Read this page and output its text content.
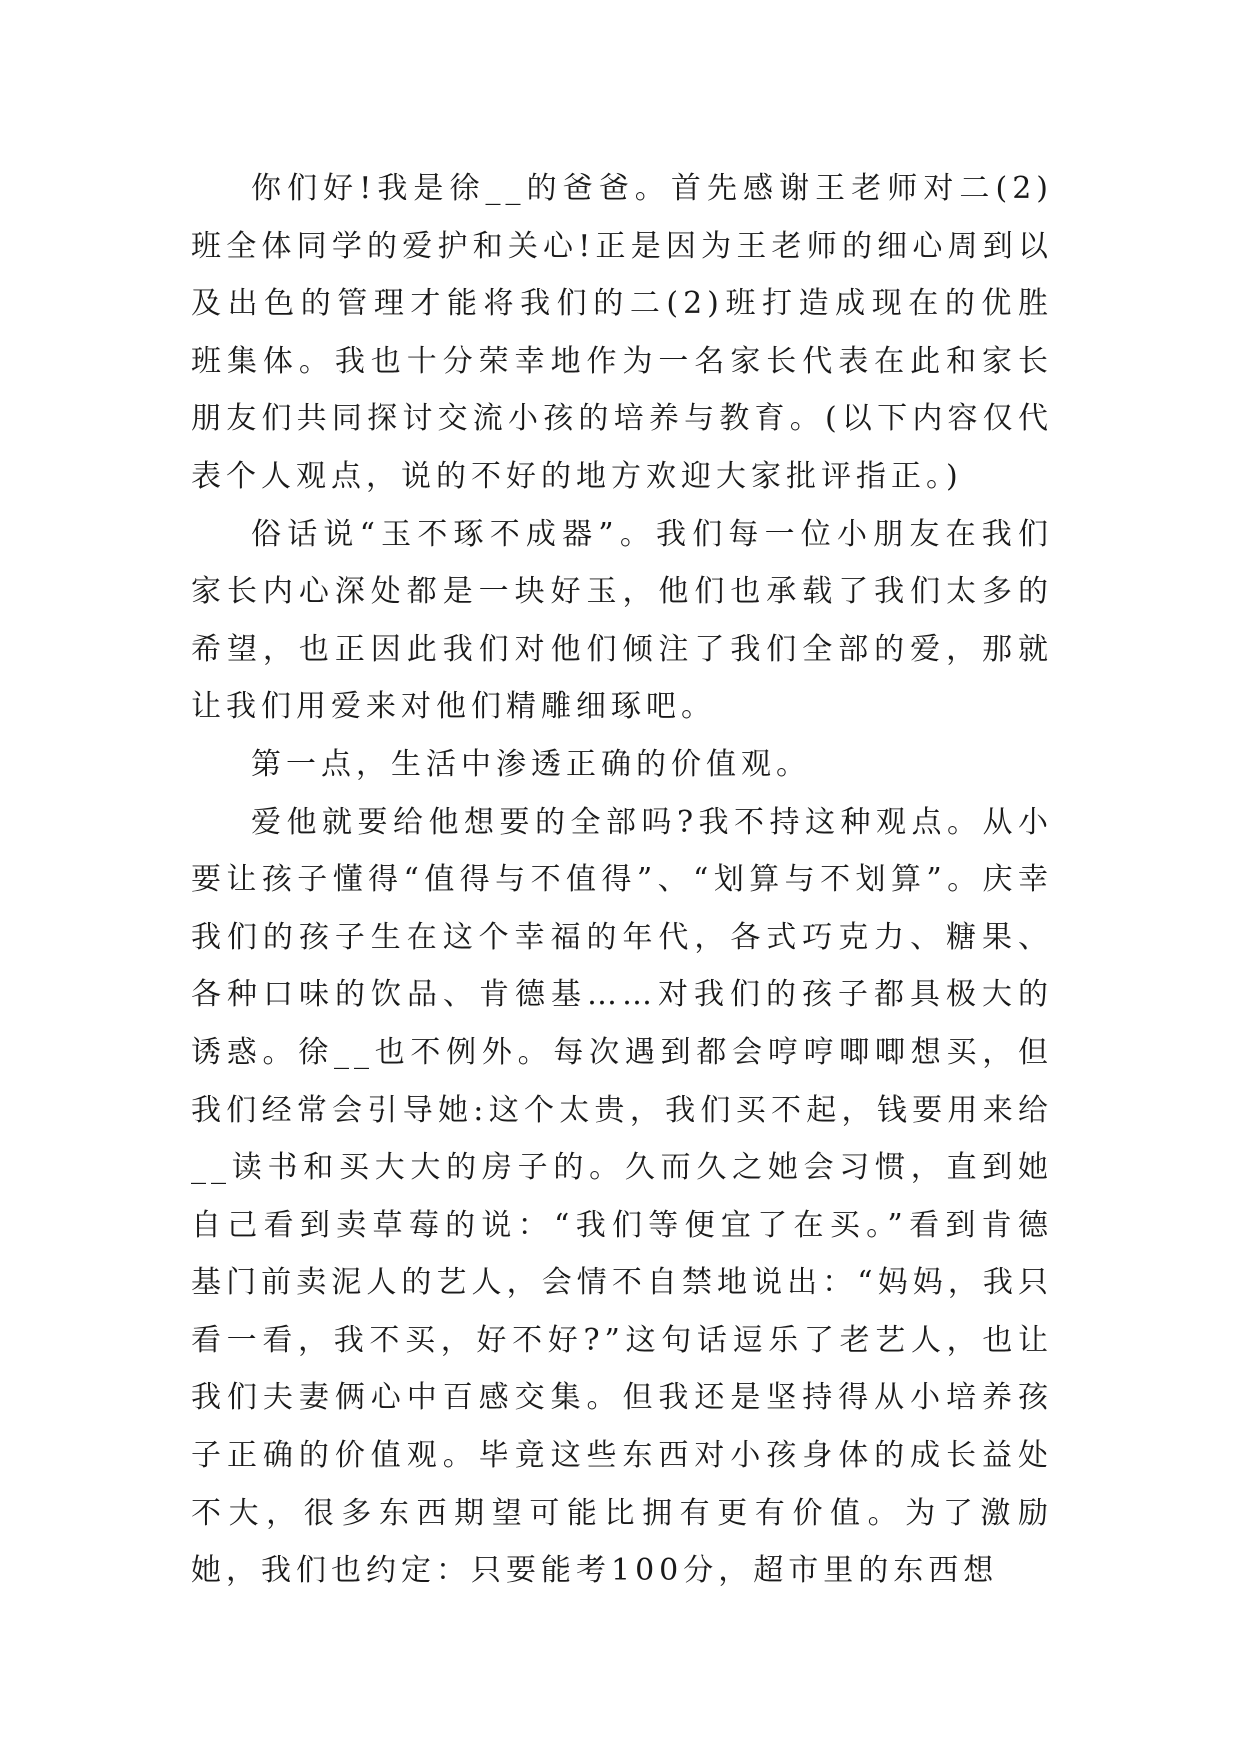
你们好!我是徐__的爸爸。首先感谢王老师对二(2)班全体同学的爱护和关心!正是因为王老师的细心周到以及出色的管理才能将我们的二(2)班打造成现在的优胜班集体。我也十分荣幸地作为一名家长代表在此和家长朋友们共同探讨交流小孩的培养与教育。(以下内容仅代表个人观点，说的不好的地方欢迎大家批评指正。)

俗话说“玉不琢不成器”。我们每一位小朋友在我们家长内心深处都是一块好玉，他们也承载了我们太多的希望，也正因此我们对他们倾注了我们全部的爱，那就让我们用爱来对他们精雕细琢吧。

第一点，生活中渗透正确的价值观。

爱他就要给他想要的全部吗?我不持这种观点。从小要让孩子懂得“值得与不值得”、“划算与不划算”。庆幸我们的孩子生在这个幸福的年代，各式巧克力、糖果、各种口味的饮品、肯德基……对我们的孩子都具极大的诱惑。徐__也不例外。每次遇到都会哼哼唧唧想买，但我们经常会引导她:这个太贵，我们买不起，钱要用来给__读书和买大大的房子的。久而久之她会习惯，直到她自己看到卖草莓的说：“我们等便宜了在买。”看到肯德基门前卖泥人的艺人，会情不自禁地说出：“妈妈，我只看一看，我不买，好不好?”这句话逗乐了老艺人，也让我们夫妻俩心中百感交集。但我还是坚持得从小培养孩子正确的价值观。毕竟这些东西对小孩身体的成长益处不大，很多东西期望可能比拥有更有价值。为了激励她，我们也约定：只要能考100分，超市里的东西想
